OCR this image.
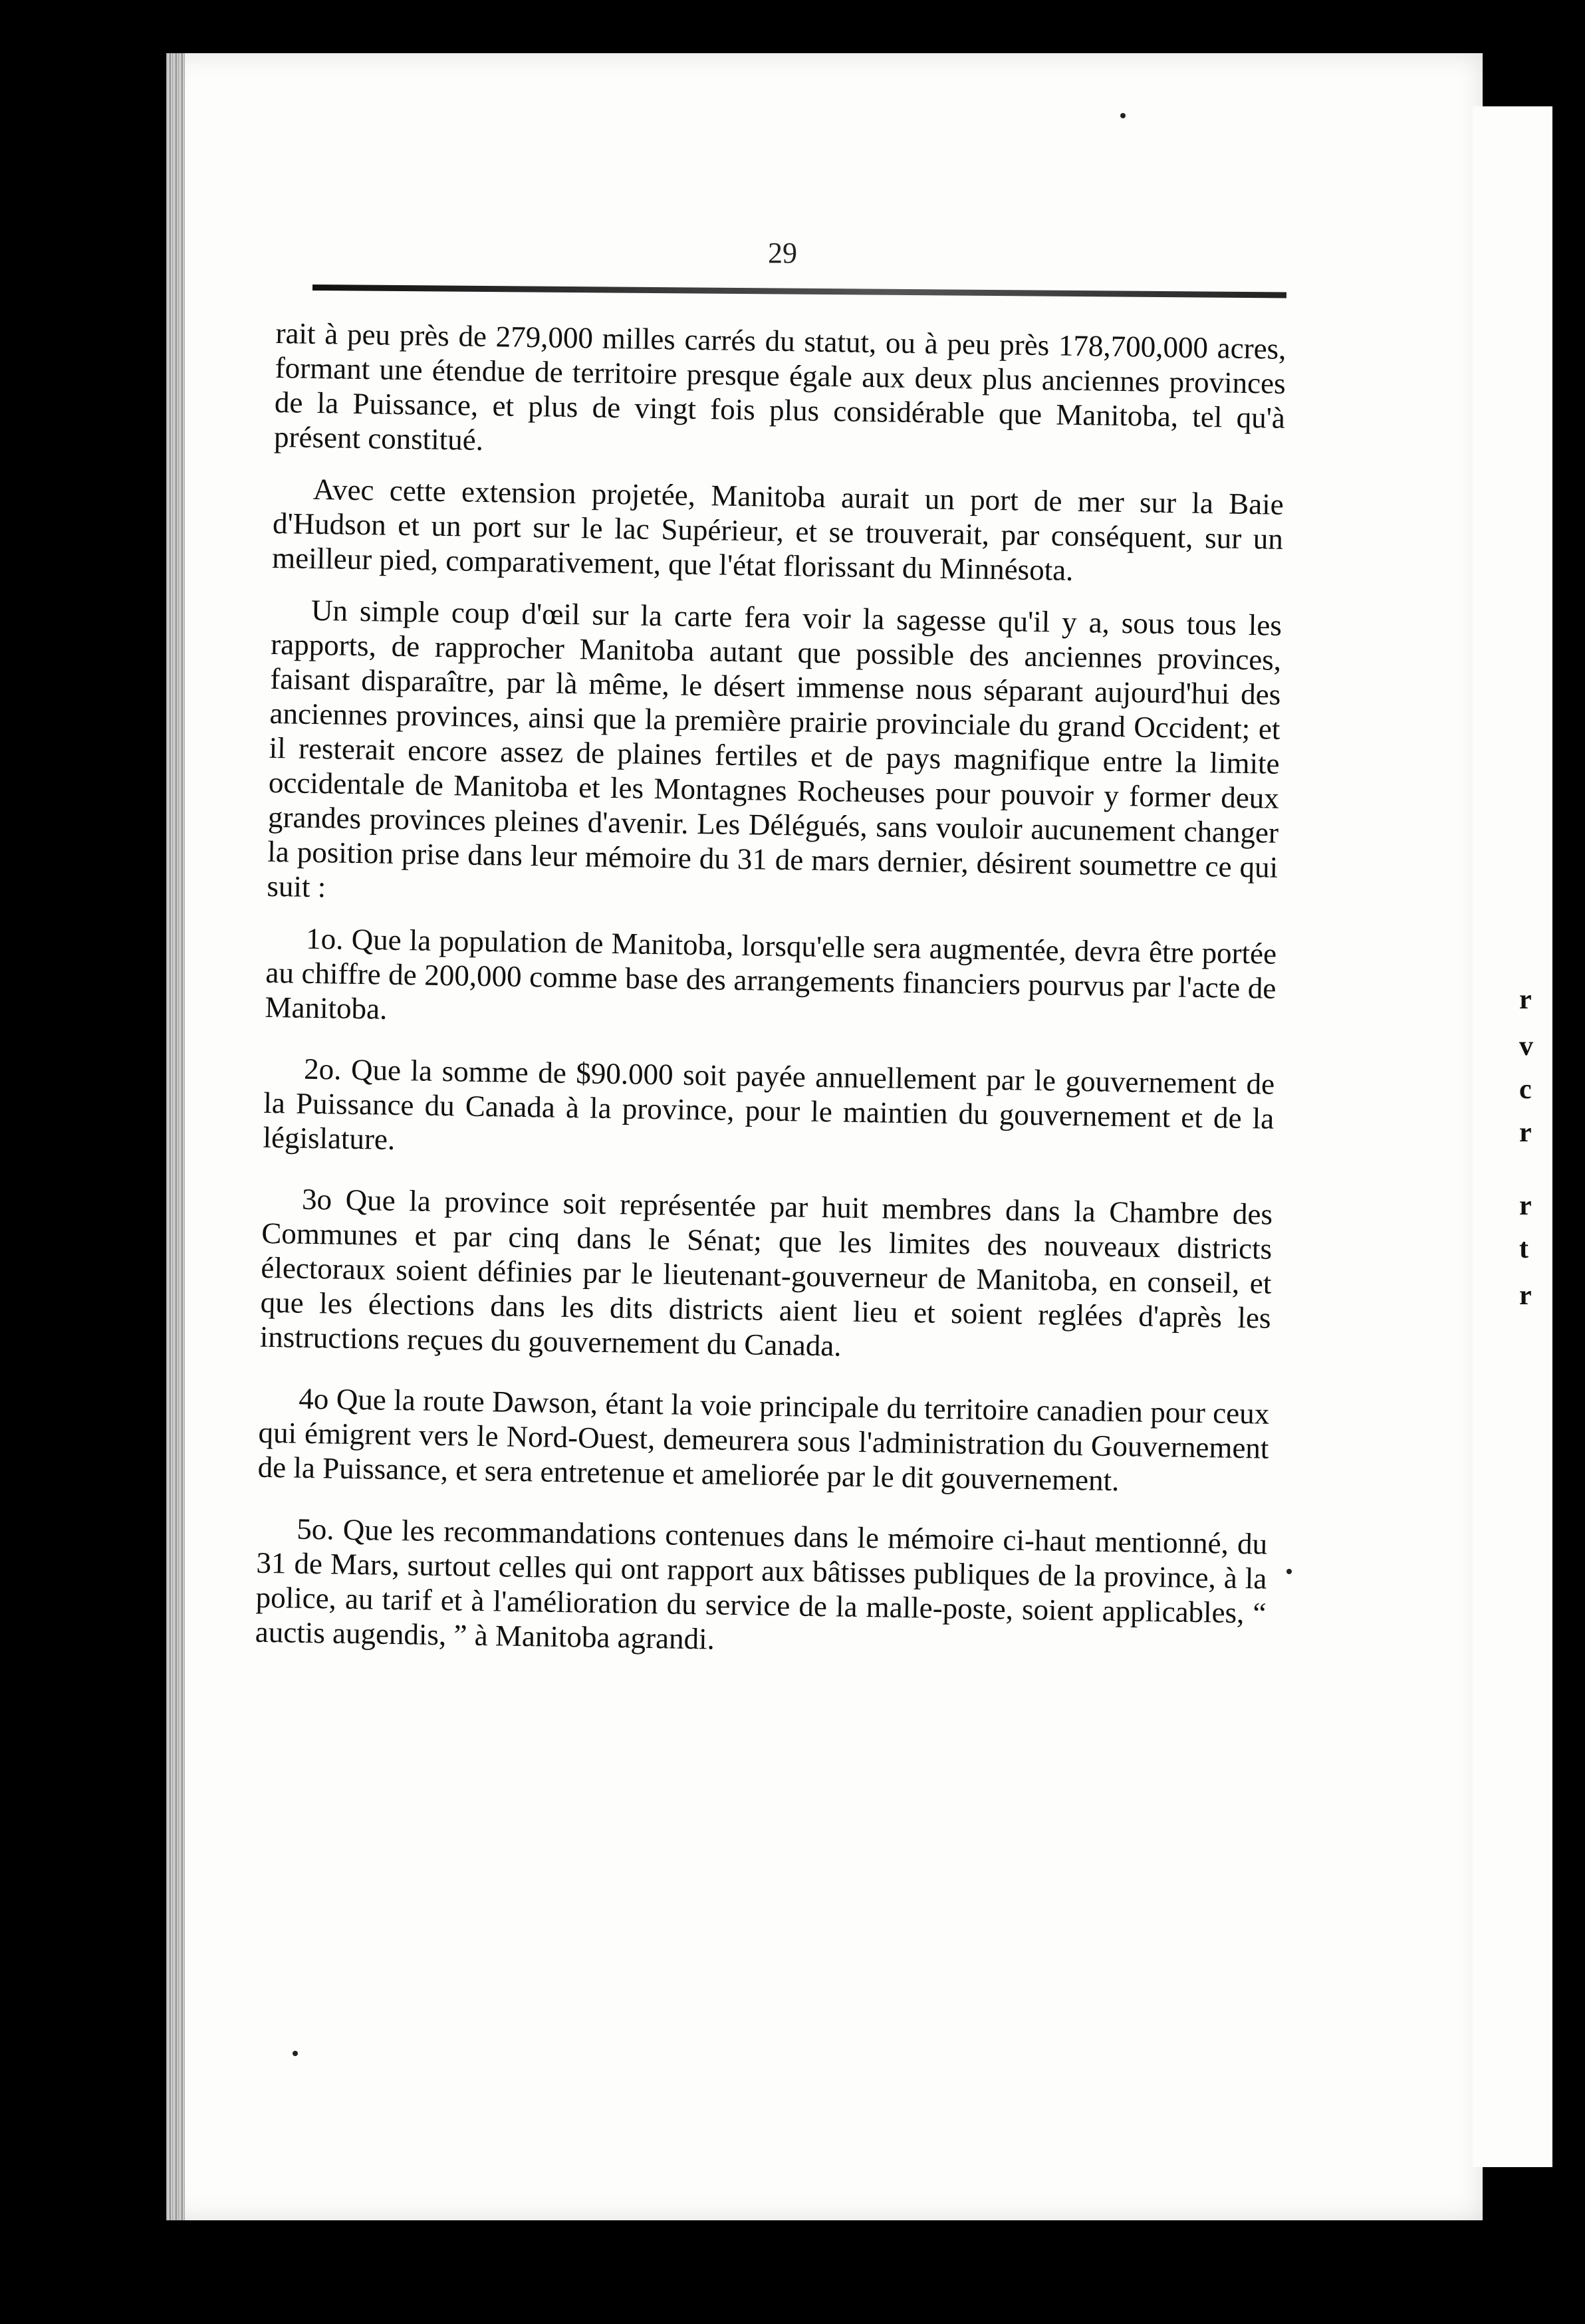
r
v
c
r
r
t
r
29

rait à peu près de 279,000 milles carrés du statut, ou à peu près 178,700,000 acres, formant une étendue de territoire presque égale aux deux plus anciennes provinces de la Puissance, et plus de vingt fois plus considérable que Manitoba, tel qu'à présent constitué.

Avec cette extension projetée, Manitoba aurait un port de mer sur la Baie d'Hudson et un port sur le lac Supérieur, et se trouverait, par conséquent, sur un meilleur pied, comparativement, que l'état florissant du Minnésota.

Un simple coup d'œil sur la carte fera voir la sagesse qu'il y a, sous tous les rapports, de rapprocher Manitoba autant que possible des anciennes provinces, faisant disparaître, par là même, le désert immense nous séparant aujourd'hui des anciennes provinces, ainsi que la première prairie provinciale du grand Occident; et il resterait encore assez de plaines fertiles et de pays magnifique entre la limite occidentale de Manitoba et les Montagnes Rocheuses pour pouvoir y former deux grandes provinces pleines d'avenir. Les Délégués, sans vouloir aucunement changer la position prise dans leur mémoire du 31 de mars dernier, désirent soumettre ce qui suit :

1o. Que la population de Manitoba, lorsqu'elle sera augmentée, devra être portée au chiffre de 200,000 comme base des arrangements financiers pourvus par l'acte de Manitoba.

2o. Que la somme de $90.000 soit payée annuellement par le gouvernement de la Puissance du Canada à la province, pour le maintien du gouvernement et de la législature.

3o Que la province soit représentée par huit membres dans la Chambre des Communes et par cinq dans le Sénat; que les limites des nouveaux districts électoraux soient définies par le lieutenant-gouverneur de Manitoba, en conseil, et que les élections dans les dits districts aient lieu et soient reglées d'après les instructions reçues du gouvernement du Canada.

4o Que la route Dawson, étant la voie principale du territoire canadien pour ceux qui émigrent vers le Nord-Ouest, demeurera sous l'administration du Gouvernement de la Puissance, et sera entretenue et ameliorée par le dit gouvernement.

5o. Que les recommandations contenues dans le mémoire ci-haut mentionné, du 31 de Mars, surtout celles qui ont rapport aux bâtisses publiques de la province, à la police, au tarif et à l'amélioration du service de la malle-poste, soient applicables, “ auctis augendis, ” à Manitoba agrandi.
